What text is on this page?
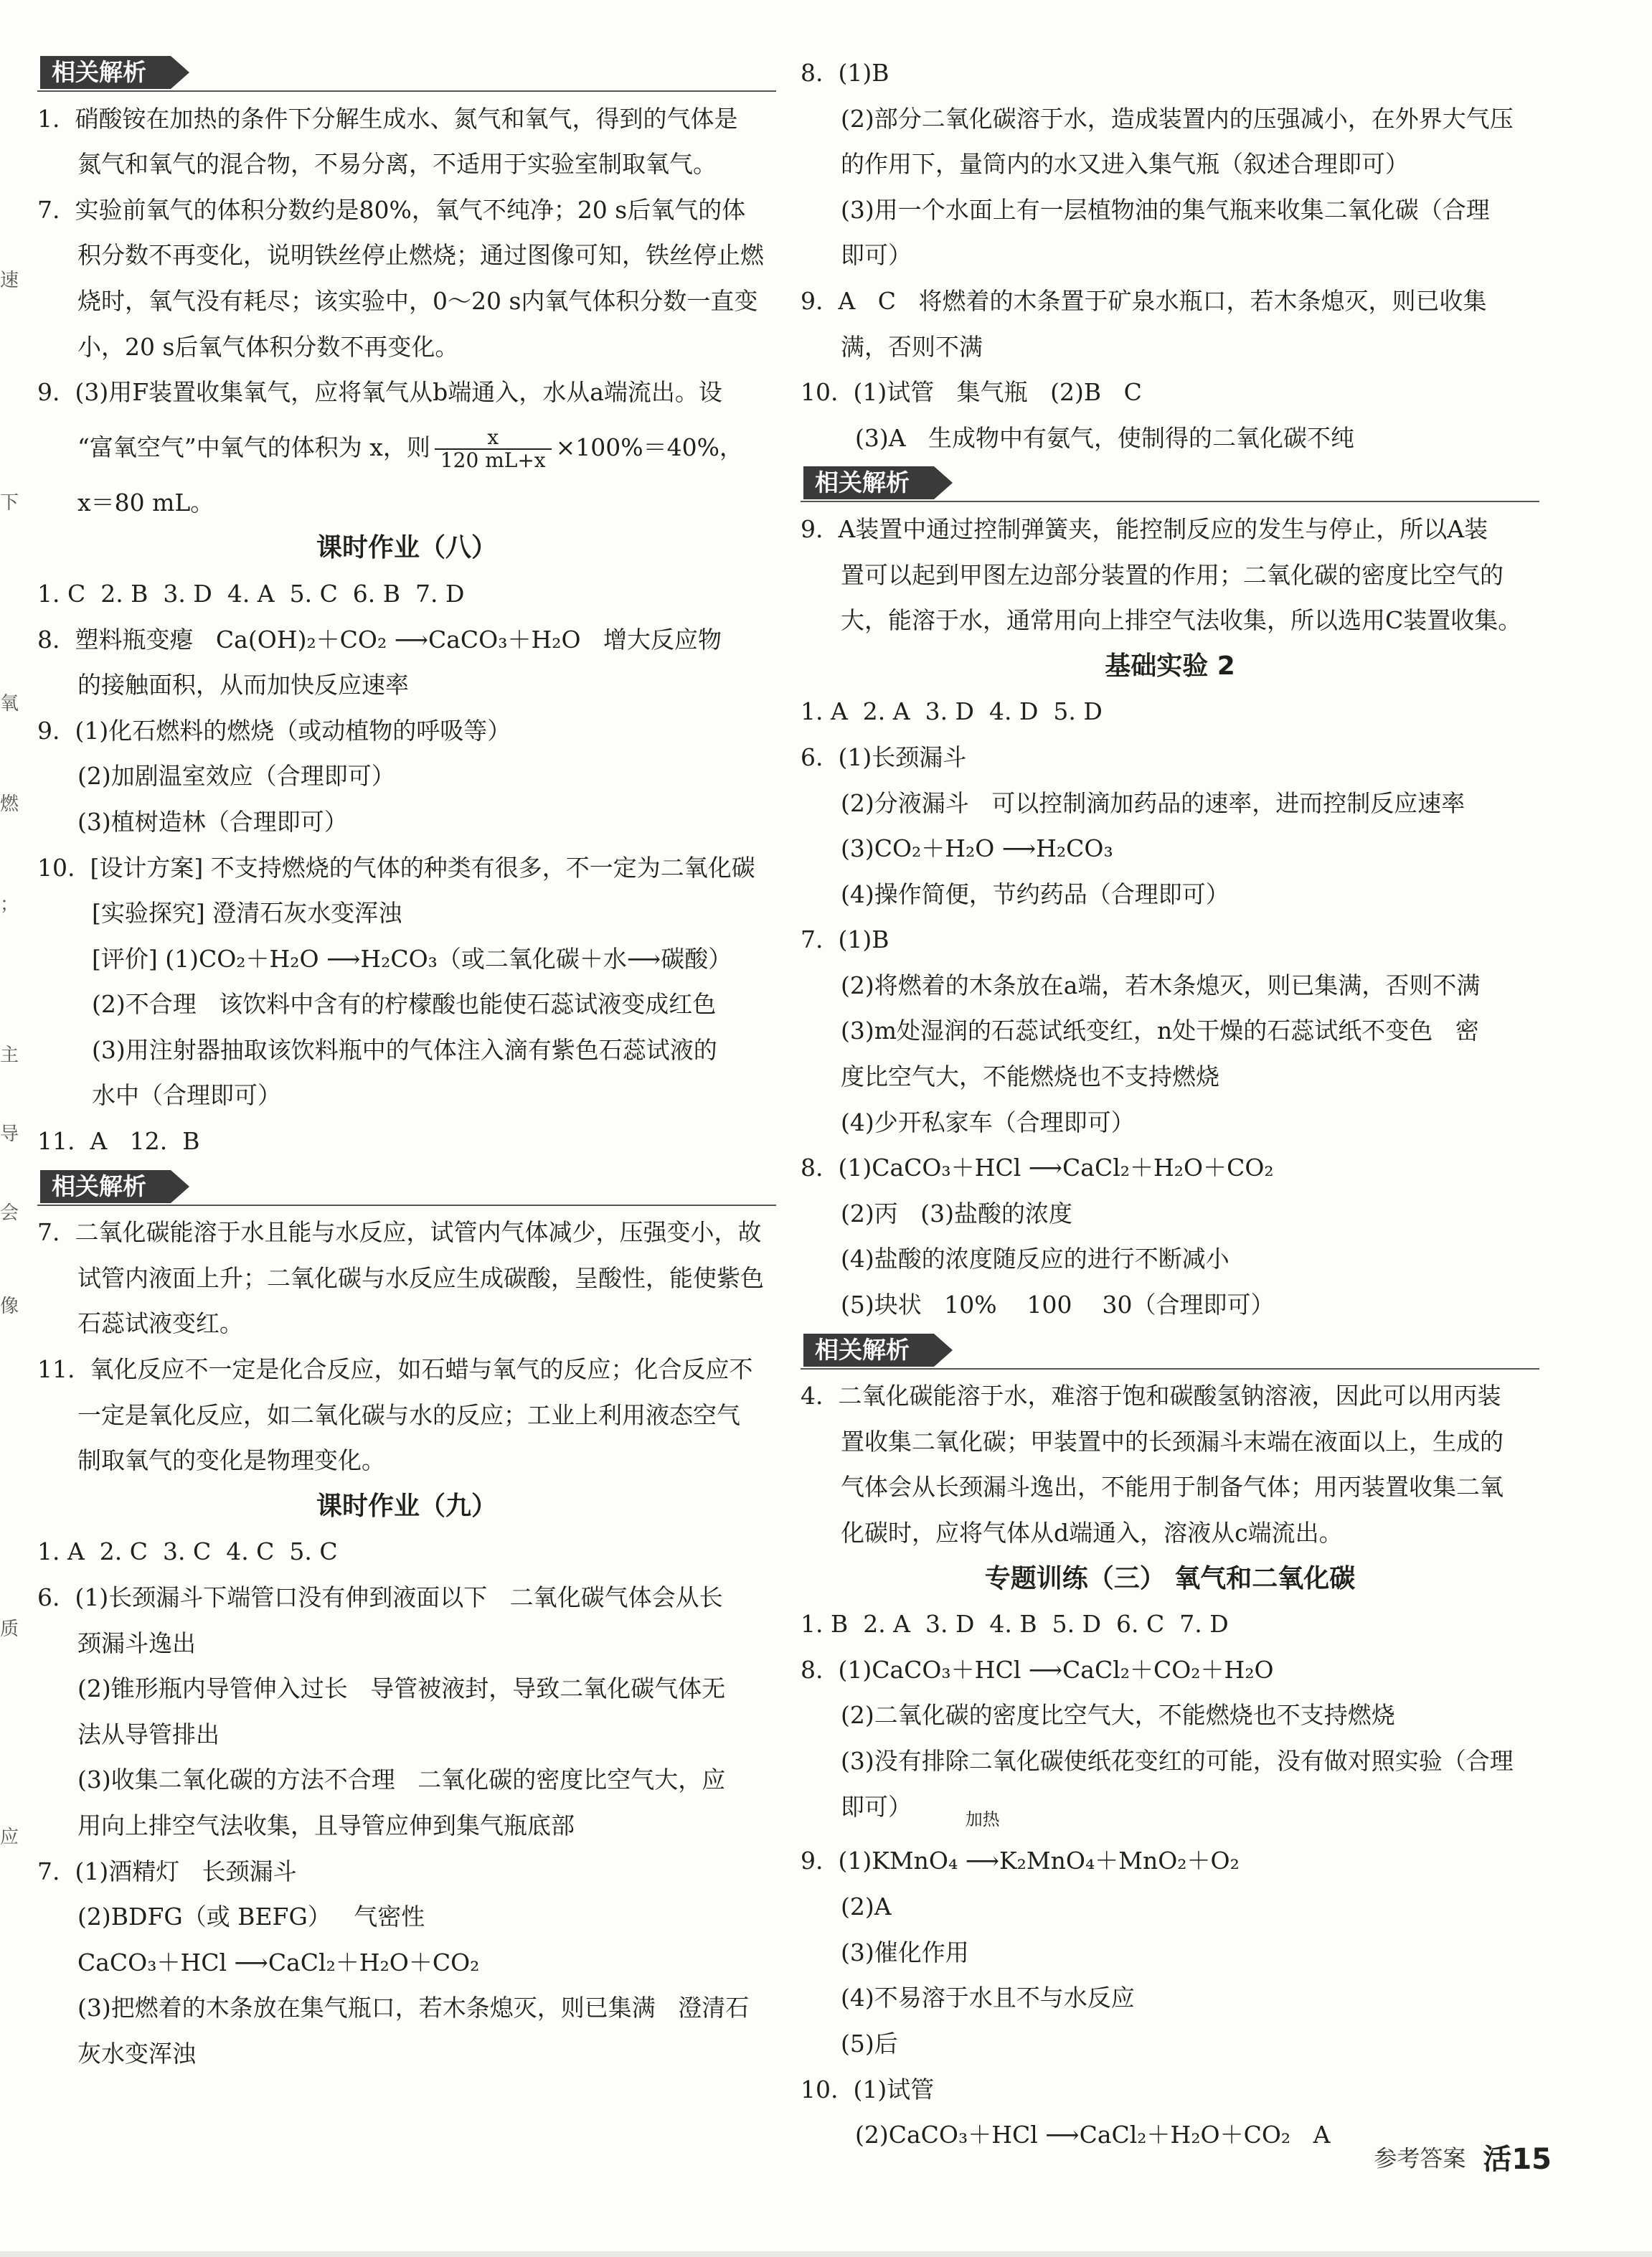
速
下
氧
燃
；
主
导
会
像
质
应
相关解析
1.  硝酸铵在加热的条件下分解生成水、氮气和氧气，得到的气体是
氮气和氧气的混合物，不易分离，不适用于实验室制取氧气。
7.  实验前氧气的体积分数约是80%，氧气不纯净；20 s后氧气的体
积分数不再变化，说明铁丝停止燃烧；通过图像可知，铁丝停止燃
烧时，氧气没有耗尽；该实验中，0～20 s内氧气体积分数一直变
小，20 s后氧气体积分数不再变化。
9.  (3)用F装置收集氧气，应将氧气从b端通入，水从a端流出。设
“富氧空气”中氧气的体积为 x，则 $\frac{x}{120 mL+x} \times 100\%=40\%$，
x＝80 mL。
课时作业（八）
1. C  2. B  3. D  4. A  5. C  6. B  7. D
8.  塑料瓶变瘪   Ca(OH)₂＋CO₂ ⟶CaCO₃＋H₂O   增大反应物
的接触面积，从而加快反应速率
9.  (1)化石燃料的燃烧（或动植物的呼吸等）
(2)加剧温室效应（合理即可）
(3)植树造林（合理即可）
10.  [设计方案] 不支持燃烧的气体的种类有很多，不一定为二氧化碳
[实验探究] 澄清石灰水变浑浊
[评价] (1)CO₂＋H₂O ⟶H₂CO₃（或二氧化碳＋水⟶碳酸）
(2)不合理   该饮料中含有的柠檬酸也能使石蕊试液变成红色
(3)用注射器抽取该饮料瓶中的气体注入滴有紫色石蕊试液的
水中（合理即可）
11.  A   12.  B
相关解析
7.  二氧化碳能溶于水且能与水反应，试管内气体减少，压强变小，故
试管内液面上升；二氧化碳与水反应生成碳酸，呈酸性，能使紫色
石蕊试液变红。
11.  氧化反应不一定是化合反应，如石蜡与氧气的反应；化合反应不
一定是氧化反应，如二氧化碳与水的反应；工业上利用液态空气
制取氧气的变化是物理变化。
课时作业（九）
1. A  2. C  3. C  4. C  5. C
6.  (1)长颈漏斗下端管口没有伸到液面以下   二氧化碳气体会从长
颈漏斗逸出
(2)锥形瓶内导管伸入过长   导管被液封，导致二氧化碳气体无
法从导管排出
(3)收集二氧化碳的方法不合理   二氧化碳的密度比空气大，应
用向上排空气法收集，且导管应伸到集气瓶底部
7.  (1)酒精灯   长颈漏斗
(2)BDFG（或 BEFG）   气密性
CaCO₃＋HCl ⟶CaCl₂＋H₂O＋CO₂
(3)把燃着的木条放在集气瓶口，若木条熄灭，则已集满   澄清石
灰水变浑浊
8.  (1)B
(2)部分二氧化碳溶于水，造成装置内的压强减小，在外界大气压
的作用下，量筒内的水又进入集气瓶（叙述合理即可）
(3)用一个水面上有一层植物油的集气瓶来收集二氧化碳（合理
即可）
9.  A   C   将燃着的木条置于矿泉水瓶口，若木条熄灭，则已收集
满，否则不满
10.  (1)试管   集气瓶   (2)B   C
(3)A   生成物中有氨气，使制得的二氧化碳不纯
相关解析
9.  A装置中通过控制弹簧夹，能控制反应的发生与停止，所以A装
置可以起到甲图左边部分装置的作用；二氧化碳的密度比空气的
大，能溶于水，通常用向上排空气法收集，所以选用C装置收集。
基础实验 2
1. A  2. A  3. D  4. D  5. D
6.  (1)长颈漏斗
(2)分液漏斗   可以控制滴加药品的速率，进而控制反应速率
(3)CO₂＋H₂O ⟶H₂CO₃
(4)操作简便，节约药品（合理即可）
7.  (1)B
(2)将燃着的木条放在a端，若木条熄灭，则已集满，否则不满
(3)m处湿润的石蕊试纸变红，n处干燥的石蕊试纸不变色   密
度比空气大，不能燃烧也不支持燃烧
(4)少开私家车（合理即可）
8.  (1)CaCO₃＋HCl ⟶CaCl₂＋H₂O＋CO₂
(2)丙   (3)盐酸的浓度
(4)盐酸的浓度随反应的进行不断减小
(5)块状   10%    100    30（合理即可）
相关解析
4.  二氧化碳能溶于水，难溶于饱和碳酸氢钠溶液，因此可以用丙装
置收集二氧化碳；甲装置中的长颈漏斗末端在液面以上，生成的
气体会从长颈漏斗逸出，不能用于制备气体；用丙装置收集二氧
化碳时，应将气体从d端通入，溶液从c端流出。
专题训练（三） 氧气和二氧化碳
1. B  2. A  3. D  4. B  5. D  6. C  7. D
8.  (1)CaCO₃＋HCl ⟶CaCl₂＋CO₂＋H₂O
(2)二氧化碳的密度比空气大，不能燃烧也不支持燃烧
(3)没有排除二氧化碳使纸花变红的可能，没有做对照实验（合理
即可）
9.  (1)KMnO₄
加热
⟶K₂MnO₄＋MnO₂＋O₂
(2)A
(3)催化作用
(4)不易溶于水且不与水反应
(5)后
10.  (1)试管
(2)CaCO₃＋HCl ⟶CaCl₂＋H₂O＋CO₂   A
参考答案 活15
